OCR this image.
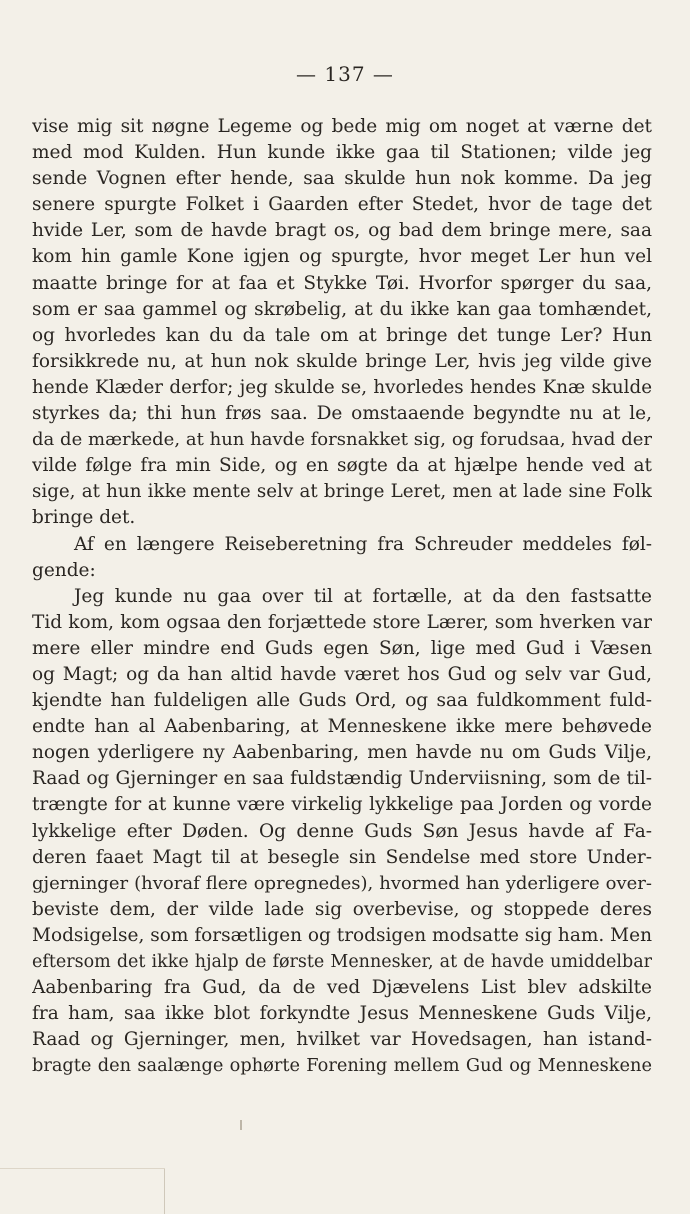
— 137 —

vise mig sit nøgne Legeme og bede mig om noget at værne det
med mod Kulden. Hun kunde ikke gaa til Stationen; vilde jeg
sende Vognen efter hende, saa skulde hun nok komme. Da jeg
senere spurgte Folket i Gaarden efter Stedet, hvor de tage det
hvide Ler, som de havde bragt os, og bad dem bringe mere, saa
kom hin gamle Kone igjen og spurgte, hvor meget Ler hun vel
maatte bringe for at faa et Stykke Tøi. Hvorfor spørger du saa,
som er saa gammel og skrøbelig, at du ikke kan gaa tomhændet,
og hvorledes kan du da tale om at bringe det tunge Ler? Hun
forsikkrede nu, at hun nok skulde bringe Ler, hvis jeg vilde give
hende Klæder derfor; jeg skulde se, hvorledes hendes Knæ skulde
styrkes da; thi hun frøs saa. De omstaaende begyndte nu at le,
da de mærkede, at hun havde forsnakket sig, og forudsaa, hvad der
vilde følge fra min Side, og en søgte da at hjælpe hende ved at
sige, at hun ikke mente selv at bringe Leret, men at lade sine Folk
bringe det.

Af en længere Reiseberetning fra Schreuder meddeles føl-
gende:

Jeg kunde nu gaa over til at fortælle, at da den fastsatte
Tid kom, kom ogsaa den forjættede store Lærer, som hverken var
mere eller mindre end Guds egen Søn, lige med Gud i Væsen
og Magt; og da han altid havde været hos Gud og selv var Gud,
kjendte han fuldeligen alle Guds Ord, og saa fuldkomment fuld-
endte han al Aabenbaring, at Menneskene ikke mere behøvede
nogen yderligere ny Aabenbaring, men havde nu om Guds Vilje,
Raad og Gjerninger en saa fuldstændig Underviisning, som de til-
trængte for at kunne være virkelig lykkelige paa Jorden og vorde
lykkelige efter Døden. Og denne Guds Søn Jesus havde af Fa-
deren faaet Magt til at besegle sin Sendelse med store Under-
gjerninger (hvoraf flere opregnedes), hvormed han yderligere over-
beviste dem, der vilde lade sig overbevise, og stoppede deres
Modsigelse, som forsætligen og trodsigen modsatte sig ham. Men
eftersom det ikke hjalp de første Mennesker, at de havde umiddelbar
Aabenbaring fra Gud, da de ved Djævelens List blev adskilte
fra ham, saa ikke blot forkyndte Jesus Menneskene Guds Vilje,
Raad og Gjerninger, men, hvilket var Hovedsagen, han istand-
bragte den saalænge ophørte Forening mellem Gud og Menneskene
